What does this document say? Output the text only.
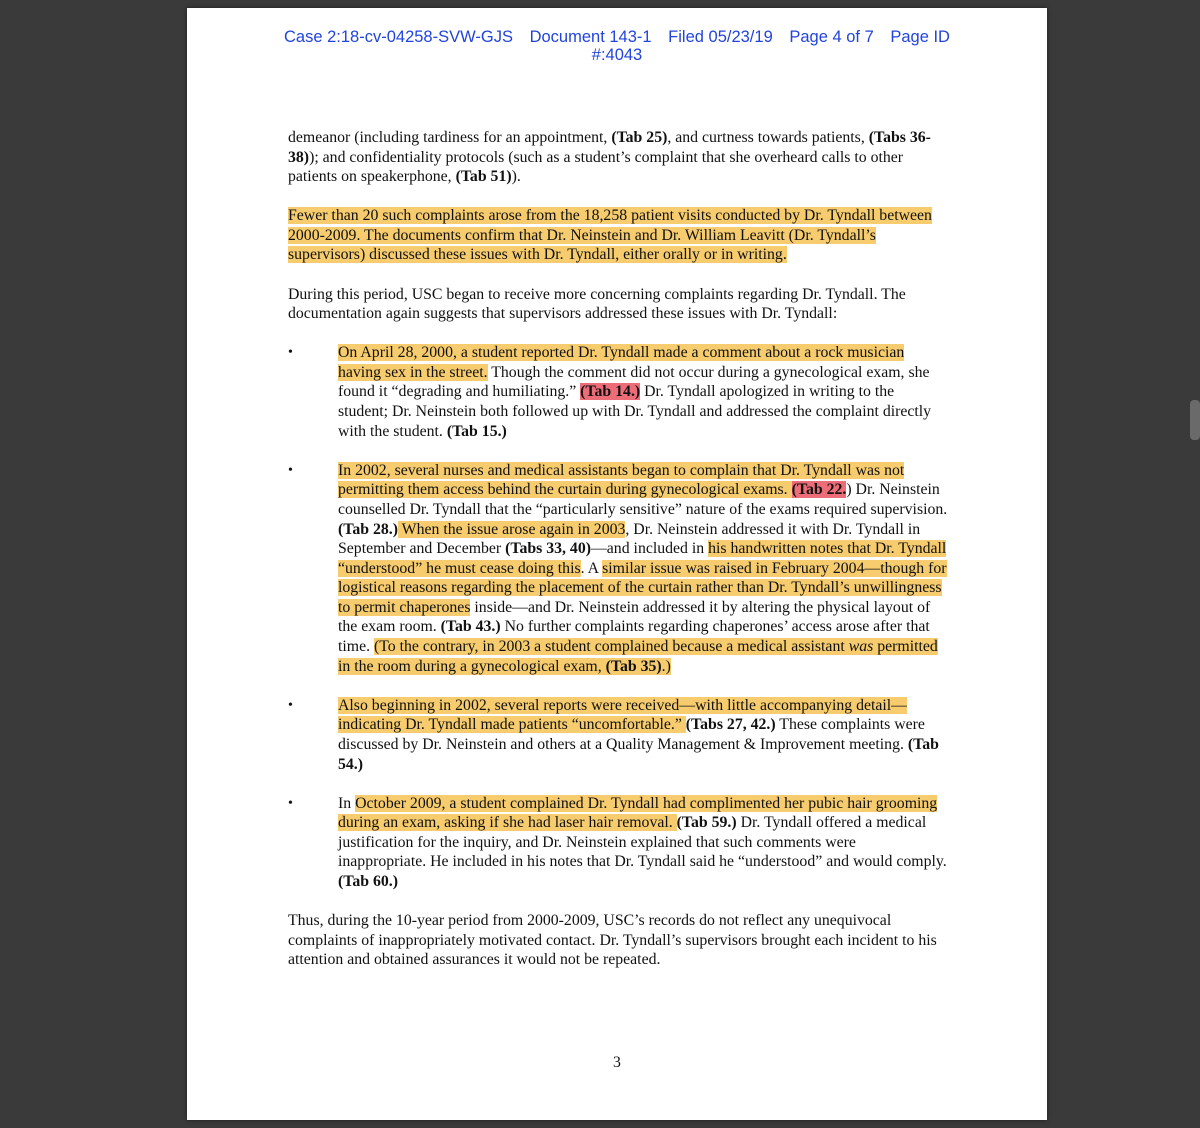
Case 2:18-cv-04258-SVW-GJS Document 143-1 Filed 05/23/19 Page 4 of 7 Page ID
#:4043

demeanor (including tardiness for an appointment, (Tab 25), and curtness towards patients, (Tabs 36-38)); and confidentiality protocols (such as a student’s complaint that she overheard calls to other patients on speakerphone, (Tab 51)).

Fewer than 20 such complaints arose from the 18,258 patient visits conducted by Dr. Tyndall between 2000-2009. The documents confirm that Dr. Neinstein and Dr. William Leavitt (Dr. Tyndall’s supervisors) discussed these issues with Dr. Tyndall, either orally or in writing.

During this period, USC began to receive more concerning complaints regarding Dr. Tyndall. The documentation again suggests that supervisors addressed these issues with Dr. Tyndall:

•	On April 28, 2000, a student reported Dr. Tyndall made a comment about a rock musician having sex in the street. Though the comment did not occur during a gynecological exam, she found it “degrading and humiliating.” (Tab 14.) Dr. Tyndall apologized in writing to the student; Dr. Neinstein both followed up with Dr. Tyndall and addressed the complaint directly with the student. (Tab 15.)
•	In 2002, several nurses and medical assistants began to complain that Dr. Tyndall was not permitting them access behind the curtain during gynecological exams. (Tab 22.) Dr. Neinstein counselled Dr. Tyndall that the “particularly sensitive” nature of the exams required supervision. (Tab 28.) When the issue arose again in 2003, Dr. Neinstein addressed it with Dr. Tyndall in September and December (Tabs 33, 40)—and included in his handwritten notes that Dr. Tyndall “understood” he must cease doing this. A similar issue was raised in February 2004—though for logistical reasons regarding the placement of the curtain rather than Dr. Tyndall’s unwillingness to permit chaperones inside—and Dr. Neinstein addressed it by altering the physical layout of the exam room. (Tab 43.) No further complaints regarding chaperones’ access arose after that time. (To the contrary, in 2003 a student complained because a medical assistant was permitted in the room during a gynecological exam, (Tab 35).)
•	Also beginning in 2002, several reports were received—with little accompanying detail—indicating Dr. Tyndall made patients “uncomfortable.” (Tabs 27, 42.) These complaints were discussed by Dr. Neinstein and others at a Quality Management & Improvement meeting. (Tab 54.)
•	In October 2009, a student complained Dr. Tyndall had complimented her pubic hair grooming during an exam, asking if she had laser hair removal. (Tab 59.) Dr. Tyndall offered a medical justification for the inquiry, and Dr. Neinstein explained that such comments were inappropriate. He included in his notes that Dr. Tyndall said he “understood” and would comply. (Tab 60.)

Thus, during the 10-year period from 2000-2009, USC’s records do not reflect any unequivocal complaints of inappropriately motivated contact. Dr. Tyndall’s supervisors brought each incident to his attention and obtained assurances it would not be repeated.

3
